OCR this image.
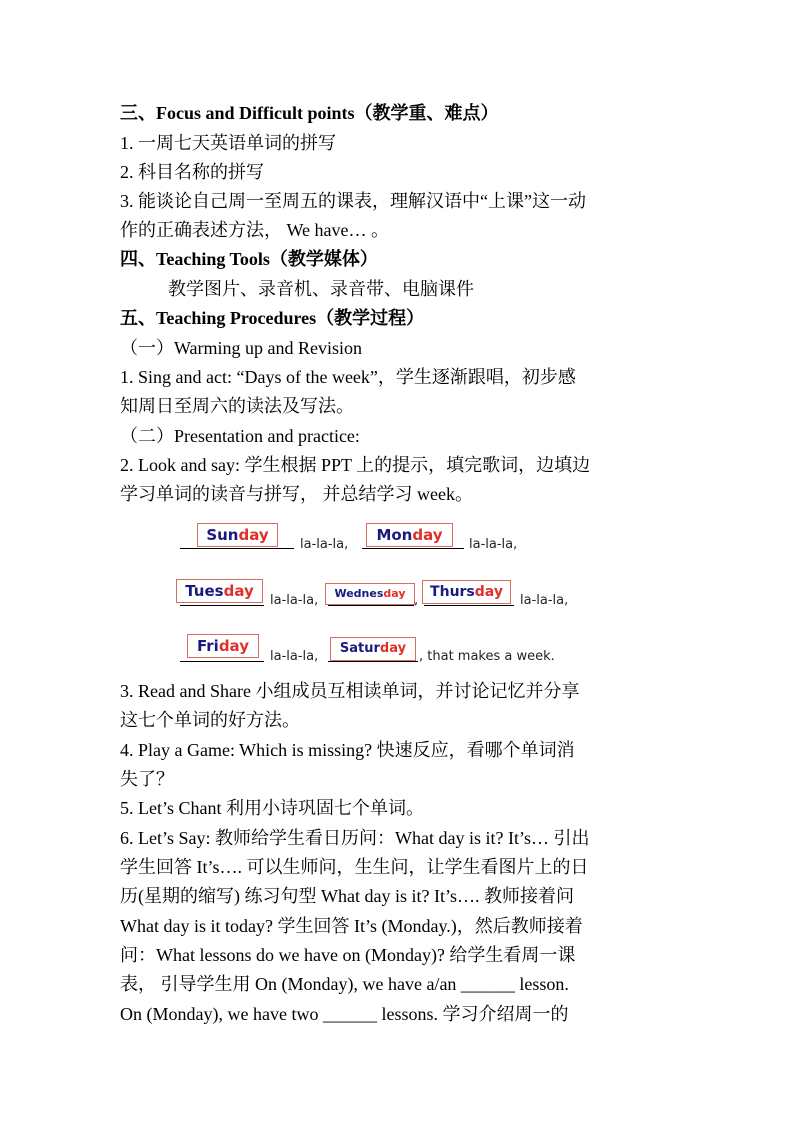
三、Focus and Difficult points（教学重、难点）
1. 一周七天英语单词的拼写
2. 科目名称的拼写
3. 能谈论自己周一至周五的课表，理解汉语中“上课”这一动
作的正确表述方法， We have… 。
四、Teaching Tools（教学媒体）
教学图片、录音机、录音带、电脑课件
五、Teaching Procedures（教学过程）
（一）Warming up and Revision
1. Sing and act: “Days of the week”，学生逐渐跟唱，初步感
知周日至周六的读法及写法。
（二）Presentation and practice:
2. Look and say: 学生根据 PPT 上的提示，填完歌词，边填边
学习单词的读音与拼写， 并总结学习 week。
Sunday
la-la-la,
Monday
la-la-la,
Tuesday
la-la-la,	Wednesday ,
Thursday
la-la-la,
Friday
la-la-la,
Saturday
, that makes a week.
3. Read and Share 小组成员互相读单词，并讨论记忆并分享
这七个单词的好方法。
4. Play a Game: Which is missing? 快速反应，看哪个单词消
失了？
5. Let’s Chant 利用小诗巩固七个单词。
6. Let’s Say: 教师给学生看日历问：What day is it? It’s… 引出
学生回答 It’s…. 可以生师问，生生问，让学生看图片上的日
历(星期的缩写) 练习句型 What day is it? It’s…. 教师接着问
What day is it today? 学生回答 It’s (Monday.)，然后教师接着
问：What lessons do we have on (Monday)? 给学生看周一课
表， 引导学生用 On (Monday), we have a/an ______ lesson.
On (Monday), we have two ______ lessons. 学习介绍周一的
